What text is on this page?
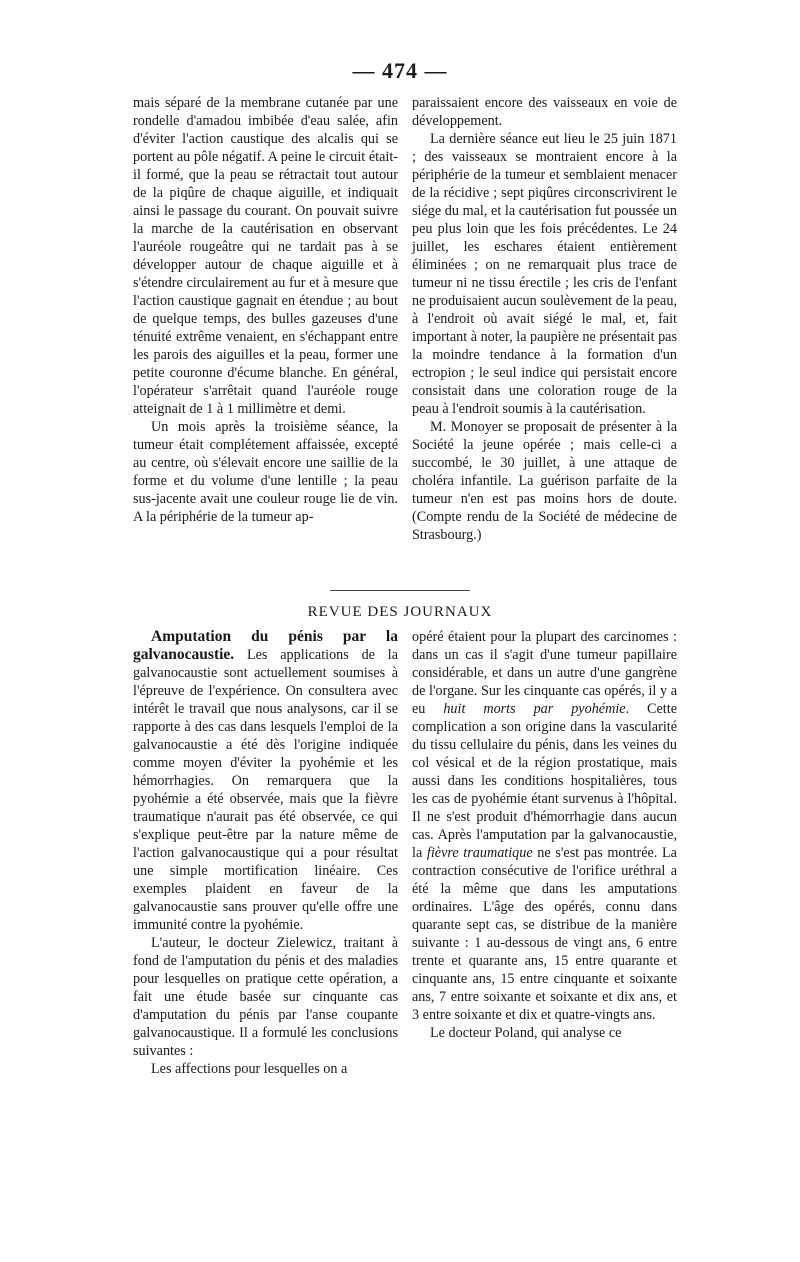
— 474 —

mais séparé de la membrane cutanée par une rondelle d'amadou imbibée d'eau salée, afin d'éviter l'action caustique des alcalis qui se portent au pôle négatif. A peine le circuit était-il formé, que la peau se rétractait tout autour de la piqûre de chaque aiguille, et indiquait ainsi le passage du courant. On pouvait suivre la marche de la cautérisation en observant l'auréole rougeâtre qui ne tardait pas à se développer autour de chaque aiguille et à s'étendre circulairement au fur et à mesure que l'action caustique gagnait en étendue ; au bout de quelque temps, des bulles gazeuses d'une ténuité extrême venaient, en s'échappant entre les parois des aiguilles et la peau, former une petite couronne d'écume blanche. En général, l'opérateur s'arrêtait quand l'auréole rouge atteignait de 1 à 1 millimètre et demi.

Un mois après la troisième séance, la tumeur était complétement affaissée, excepté au centre, où s'élevait encore une saillie de la forme et du volume d'une lentille ; la peau sus-jacente avait une couleur rouge lie de vin. A la périphérie de la tumeur ap-

paraissaient encore des vaisseaux en voie de développement.

La dernière séance eut lieu le 25 juin 1871 ; des vaisseaux se montraient encore à la périphérie de la tumeur et semblaient menacer de la récidive ; sept piqûres circonscrivirent le siége du mal, et la cautérisation fut poussée un peu plus loin que les fois précédentes. Le 24 juillet, les eschares étaient entièrement éliminées ; on ne remarquait plus trace de tumeur ni ne tissu érectile ; les cris de l'enfant ne produisaient aucun soulèvement de la peau, à l'endroit où avait siégé le mal, et, fait important à noter, la paupière ne présentait pas la moindre tendance à la formation d'un ectropion ; le seul indice qui persistait encore consistait dans une coloration rouge de la peau à l'endroit soumis à la cautérisation.

M. Monoyer se proposait de présenter à la Société la jeune opérée ; mais celle-ci a succombé, le 30 juillet, à une attaque de choléra infantile. La guérison parfaite de la tumeur n'en est pas moins hors de doute. (Compte rendu de la Société de médecine de Strasbourg.)

REVUE DES JOURNAUX

Amputation du pénis par la galvanocaustie. Les applications de la galvanocaustie sont actuellement soumises à l'épreuve de l'expérience. On consultera avec intérêt le travail que nous analysons, car il se rapporte à des cas dans lesquels l'emploi de la galvanocaustie a été dès l'origine indiquée comme moyen d'éviter la pyohémie et les hémorrhagies. On remarquera que la pyohémie a été observée, mais que la fièvre traumatique n'aurait pas été observée, ce qui s'explique peut-être par la nature même de l'action galvanocaustique qui a pour résultat une simple mortification linéaire. Ces exemples plaident en faveur de la galvanocaustie sans prouver qu'elle offre une immunité contre la pyohémie.

L'auteur, le docteur Zielewicz, traitant à fond de l'amputation du pénis et des maladies pour lesquelles on pratique cette opération, a fait une étude basée sur cinquante cas d'amputation du pénis par l'anse coupante galvanocaustique. Il a formulé les conclusions suivantes :

Les affections pour lesquelles on a

opéré étaient pour la plupart des carcinomes : dans un cas il s'agit d'une tumeur papillaire considérable, et dans un autre d'une gangrène de l'organe. Sur les cinquante cas opérés, il y a eu huit morts par pyohémie. Cette complication a son origine dans la vascularité du tissu cellulaire du pénis, dans les veines du col vésical et de la région prostatique, mais aussi dans les conditions hospitalières, tous les cas de pyohémie étant survenus à l'hôpital. Il ne s'est produit d'hémorrhagie dans aucun cas. Après l'amputation par la galvanocaustie, la fièvre traumatique ne s'est pas montrée. La contraction consécutive de l'orifice uréthral a été la même que dans les amputations ordinaires. L'âge des opérés, connu dans quarante sept cas, se distribue de la manière suivante : 1 au-dessous de vingt ans, 6 entre trente et quarante ans, 15 entre quarante et cinquante ans, 15 entre cinquante et soixante ans, 7 entre soixante et soixante et dix ans, et 3 entre soixante et dix et quatre-vingts ans.

Le docteur Poland, qui analyse ce
